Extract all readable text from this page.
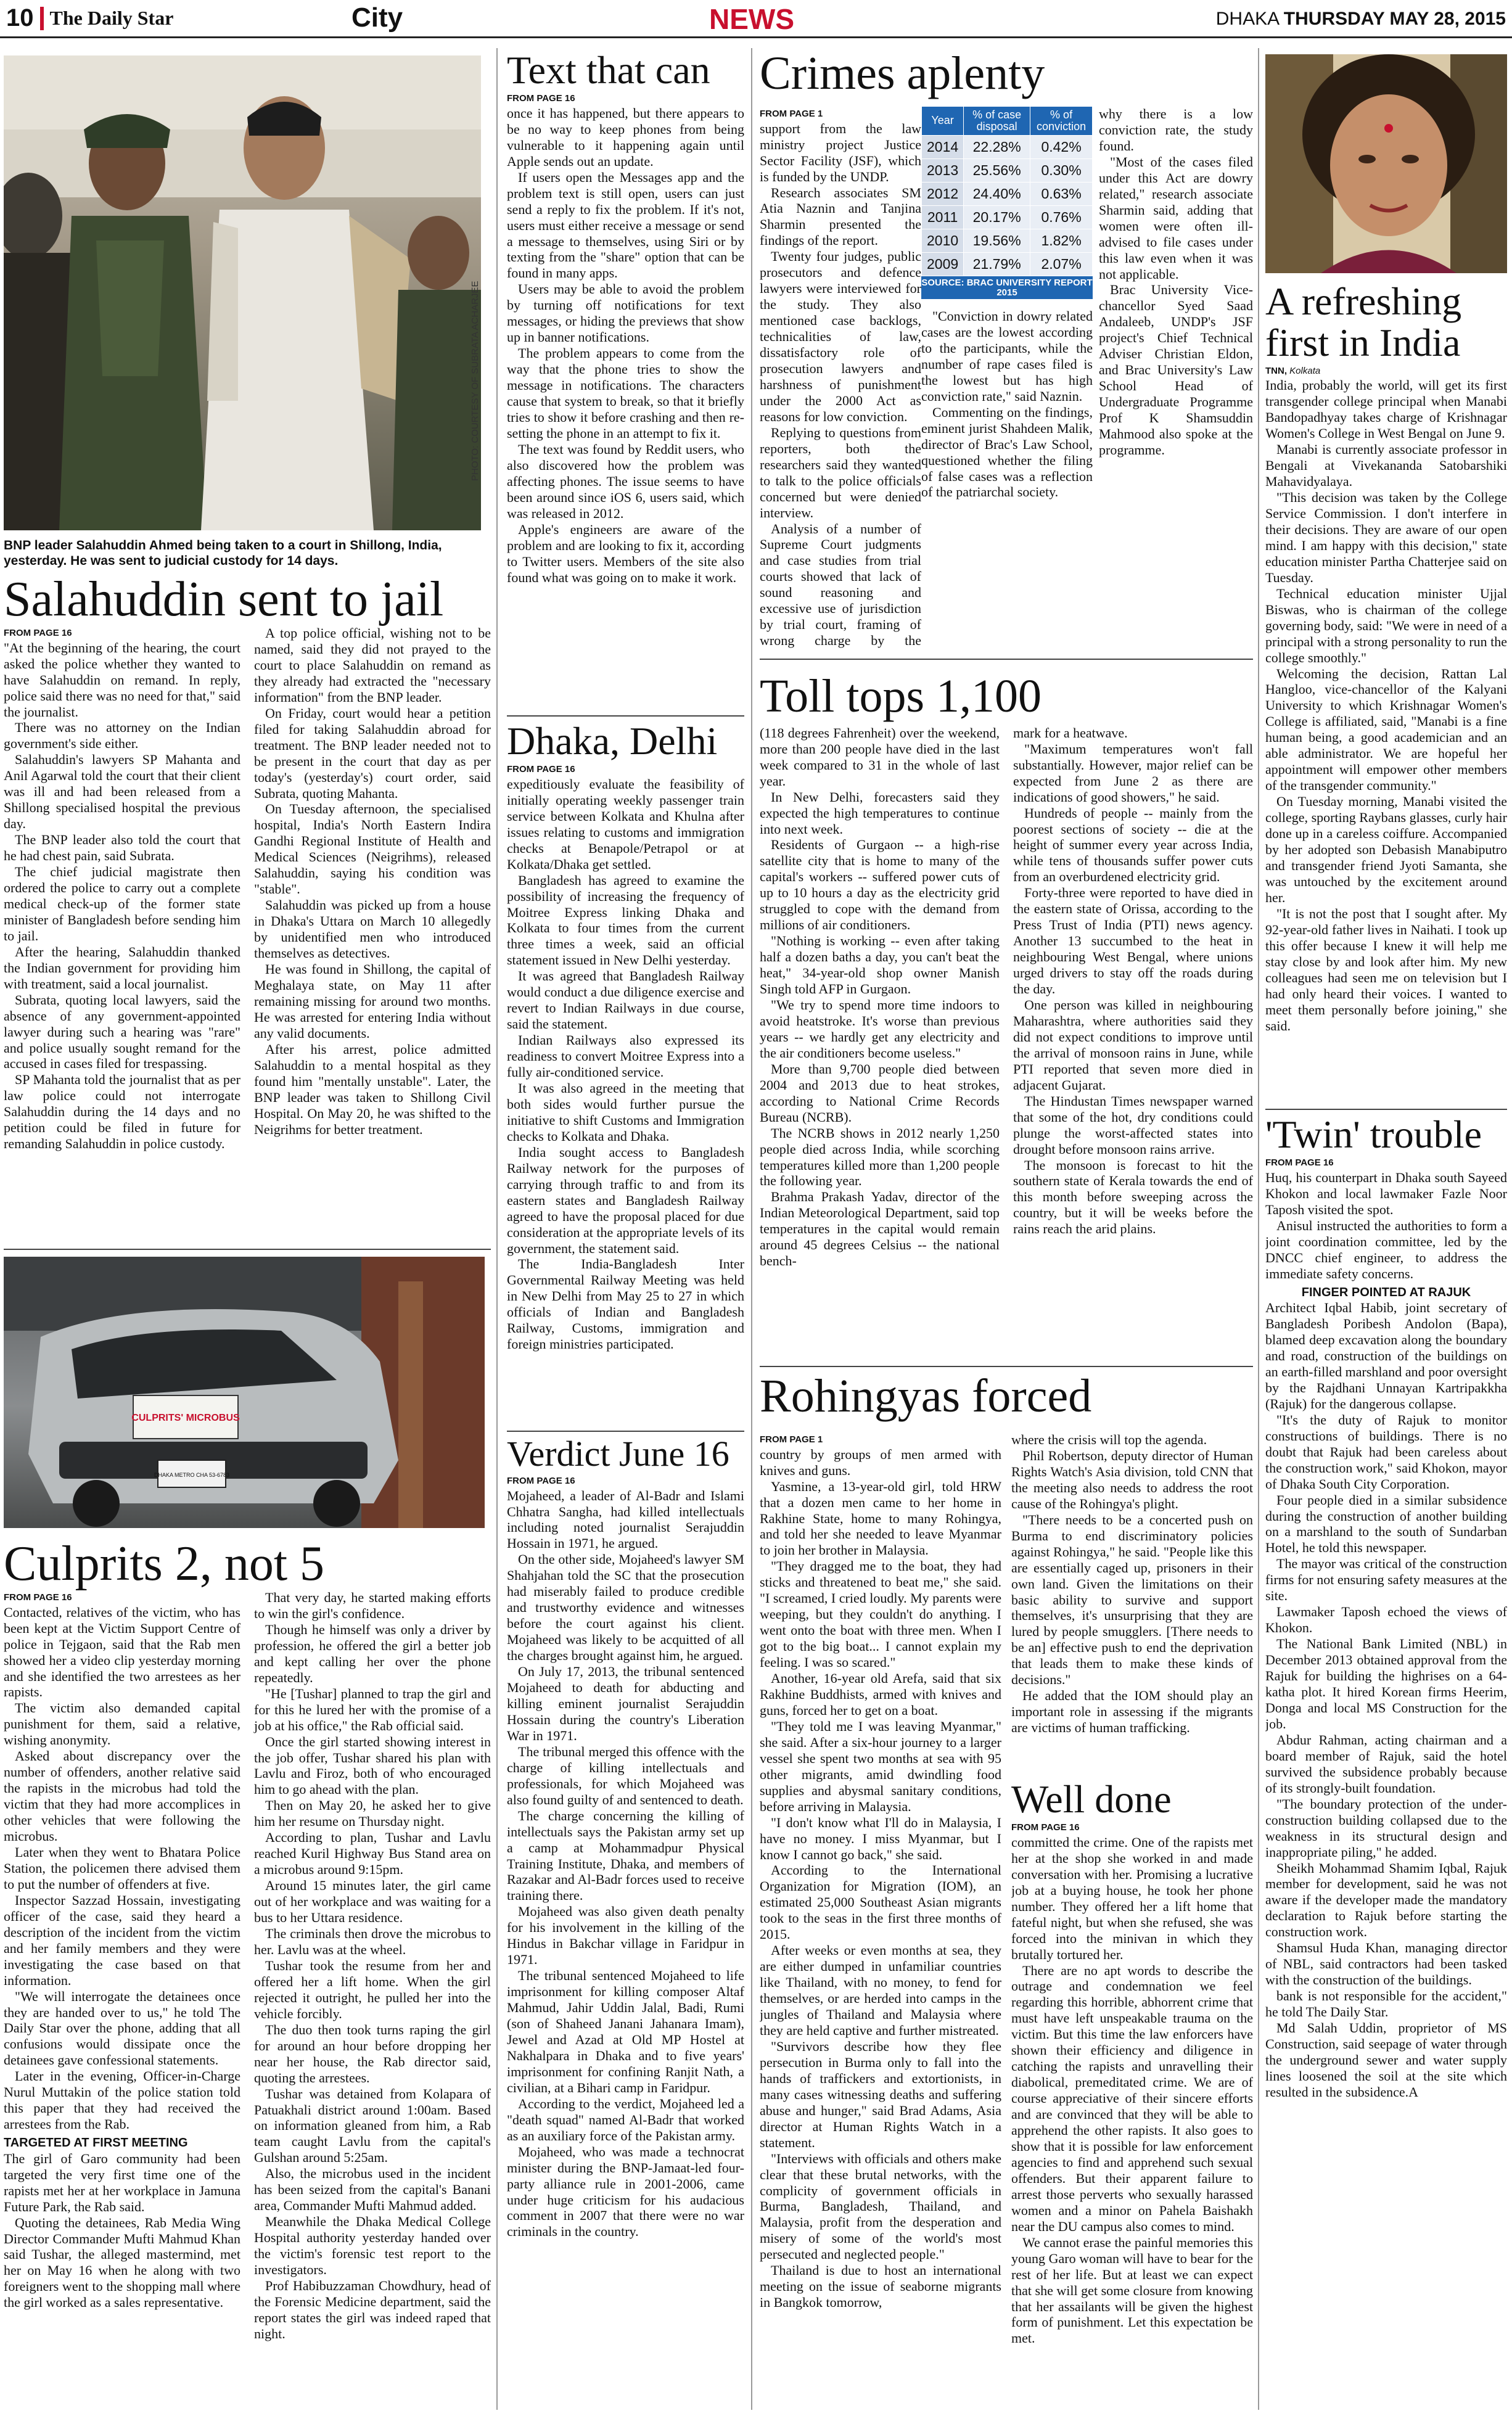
10 The Daily Star	City	NEWS	DHAKA THURSDAY MAY 28, 2015
PHOTO: COURTESY OF SUBRATA ACHARJEE
BNP leader Salahuddin Ahmed being taken to a court in Shillong, India, yesterday. He was sent to judicial custody for 14 days.
Salahuddin sent to jail
FROM PAGE 16

"At the beginning of the hearing, the court asked the police whether they wanted to have Salahuddin on remand. In reply, police said there was no need for that," said the journalist.

There was no attorney on the Indian government's side either.

Salahuddin's lawyers SP Mahanta and Anil Agarwal told the court that their client was ill and had been released from a Shillong specialised hospital the previous day.

The BNP leader also told the court that he had chest pain, said Subrata.

The chief judicial magistrate then ordered the police to carry out a complete medical check-up of the former state minister of Bangladesh before sending him to jail.

After the hearing, Salahuddin thanked the Indian government for providing him with treatment, said a local journalist.

Subrata, quoting local lawyers, said the absence of any government-appointed lawyer during such a hearing was "rare" and police usually sought remand for the accused in cases filed for trespassing.

SP Mahanta told the journalist that as per law police could not interrogate Salahuddin during the 14 days and no petition could be filed in future for remanding Salahuddin in police custody.

A top police official, wishing not to be named, said they did not prayed to the court to place Salahuddin on remand as they already had extracted the "necessary information" from the BNP leader.

On Friday, court would hear a petition filed for taking Salahuddin abroad for treatment. The BNP leader needed not to be present in the court that day as per today's (yesterday's) court order, said Subrata, quoting Mahanta.

On Tuesday afternoon, the specialised hospital, India's North Eastern Indira Gandhi Regional Institute of Health and Medical Sciences (Neigrihms), released Salahuddin, saying his condition was "stable".

Salahuddin was picked up from a house in Dhaka's Uttara on March 10 allegedly by unidentified men who introduced themselves as detectives.

He was found in Shillong, the capital of Meghalaya state, on May 11 after remaining missing for around two months. He was arrested for entering India without any valid documents.

After his arrest, police admitted Salahuddin to a mental hospital as they found him "mentally unstable". Later, the BNP leader was taken to Shillong Civil Hospital. On May 20, he was shifted to the Neigrihms for better treatment.

CULPRITS' MICROBUS
DHAKA METRO CHA 53-6783
Culprits 2, not 5
FROM PAGE 16

Contacted, relatives of the victim, who has been kept at the Victim Support Centre of police in Tejgaon, said that the Rab men showed her a video clip yesterday morning and she identified the two arrestees as her rapists.

The victim also demanded capital punishment for them, said a relative, wishing anonymity.

Asked about discrepancy over the number of offenders, another relative said the rapists in the microbus had told the victim that they had more accomplices in other vehicles that were following the microbus.

Later when they went to Bhatara Police Station, the policemen there advised them to put the number of offenders at five.

Inspector Sazzad Hossain, investigating officer of the case, said they heard a description of the incident from the victim and her family members and they were investigating the case based on that information.

"We will interrogate the detainees once they are handed over to us," he told The Daily Star over the phone, adding that all confusions would dissipate once the detainees gave confessional statements.

Later in the evening, Officer-in-Charge Nurul Muttakin of the police station told this paper that they had received the arrestees from the Rab.

TARGETED AT FIRST MEETING

The girl of Garo community had been targeted the very first time one of the rapists met her at her workplace in Jamuna Future Park, the Rab said.

Quoting the detainees, Rab Media Wing Director Commander Mufti Mahmud Khan said Tushar, the alleged mastermind, met her on May 16 when he along with two foreigners went to the shopping mall where the girl worked as a sales representative.

That very day, he started making efforts to win the girl's confidence.

Though he himself was only a driver by profession, he offered the girl a better job and kept calling her over the phone repeatedly.

"He [Tushar] planned to trap the girl and for this he lured her with the promise of a job at his office," the Rab official said.

Once the girl started showing interest in the job offer, Tushar shared his plan with Lavlu and Firoz, both of who encouraged him to go ahead with the plan.

Then on May 20, he asked her to give him her resume on Thursday night.

According to plan, Tushar and Lavlu reached Kuril Highway Bus Stand area on a microbus around 9:15pm.

Around 15 minutes later, the girl came out of her workplace and was waiting for a bus to her Uttara residence.

The criminals then drove the microbus to her. Lavlu was at the wheel.

Tushar took the resume from her and offered her a lift home. When the girl rejected it outright, he pulled her into the vehicle forcibly.

The duo then took turns raping the girl for around an hour before dropping her near her house, the Rab director said, quoting the arrestees.

Tushar was detained from Kolapara of Patuakhali district around 1:00am. Based on information gleaned from him, a Rab team caught Lavlu from the capital's Gulshan around 5:25am.

Also, the microbus used in the incident has been seized from the capital's Banani area, Commander Mufti Mahmud added.

Meanwhile the Dhaka Medical College Hospital authority yesterday handed over the victim's forensic test report to the investigators.

Prof Habibuzzaman Chowdhury, head of the Forensic Medicine department, said the report states the girl was indeed raped that night.

Text that can
FROM PAGE 16

once it has happened, but there appears to be no way to keep phones from being vulnerable to it happening again until Apple sends out an update.

If users open the Messages app and the problem text is still open, users can just send a reply to fix the problem. If it's not, users must either receive a message or send a message to themselves, using Siri or by texting from the "share" option that can be found in many apps.

Users may be able to avoid the problem by turning off notifications for text messages, or hiding the previews that show up in banner notifications.

The problem appears to come from the way that the phone tries to show the message in notifications. The characters cause that system to break, so that it briefly tries to show it before crashing and then re-setting the phone in an attempt to fix it.

The text was found by Reddit users, who also discovered how the problem was affecting phones. The issue seems to have been around since iOS 6, users said, which was released in 2012.

Apple's engineers are aware of the problem and are looking to fix it, according to Twitter users. Members of the site also found what was going on to make it work.

Dhaka, Delhi
FROM PAGE 16

expeditiously evaluate the feasibility of initially operating weekly passenger train service between Kolkata and Khulna after issues relating to customs and immigration checks at Benapole/Petrapol or at Kolkata/Dhaka get settled.

Bangladesh has agreed to examine the possibility of increasing the frequency of Moitree Express linking Dhaka and Kolkata to four times from the current three times a week, said an official statement issued in New Delhi yesterday.

It was agreed that Bangladesh Railway would conduct a due diligence exercise and revert to Indian Railways in due course, said the statement.

Indian Railways also expressed its readiness to convert Moitree Express into a fully air-conditioned service.

It was also agreed in the meeting that both sides would further pursue the initiative to shift Customs and Immigration checks to Kolkata and Dhaka.

India sought access to Bangladesh Railway network for the purposes of carrying through traffic to and from its eastern states and Bangladesh Railway agreed to have the proposal placed for due consideration at the appropriate levels of its government, the statement said.

The India-Bangladesh Inter Governmental Railway Meeting was held in New Delhi from May 25 to 27 in which officials of Indian and Bangladesh Railway, Customs, immigration and foreign ministries participated.

Verdict June 16
FROM PAGE 16

Mojaheed, a leader of Al-Badr and Islami Chhatra Sangha, had killed intellectuals including noted journalist Serajuddin Hossain in 1971, he argued.

On the other side, Mojaheed's lawyer SM Shahjahan told the SC that the prosecution had miserably failed to produce credible and trustworthy evidence and witnesses before the court against his client. Mojaheed was likely to be acquitted of all the charges brought against him, he argued.

On July 17, 2013, the tribunal sentenced Mojaheed to death for abducting and killing eminent journalist Serajuddin Hossain during the country's Liberation War in 1971.

The tribunal merged this offence with the charge of killing intellectuals and professionals, for which Mojaheed was also found guilty of and sentenced to death.

The charge concerning the killing of intellectuals says the Pakistan army set up a camp at Mohammadpur Physical Training Institute, Dhaka, and members of Razakar and Al-Badr forces used to receive training there.

Mojaheed was also given death penalty for his involvement in the killing of the Hindus in Bakchar village in Faridpur in 1971.

The tribunal sentenced Mojaheed to life imprisonment for killing composer Altaf Mahmud, Jahir Uddin Jalal, Badi, Rumi (son of Shaheed Janani Jahanara Imam), Jewel and Azad at Old MP Hostel at Nakhalpara in Dhaka and to five years' imprisonment for confining Ranjit Nath, a civilian, at a Bihari camp in Faridpur.

According to the verdict, Mojaheed led a "death squad" named Al-Badr that worked as an auxiliary force of the Pakistan army.

Mojaheed, who was made a technocrat minister during the BNP-Jamaat-led four-party alliance rule in 2001-2006, came under huge criticism for his audacious comment in 2007 that there were no war criminals in the country.

Crimes aplenty
FROM PAGE 1

support from the law ministry project Justice Sector Facility (JSF), which is funded by the UNDP.

Research associates SM Atia Naznin and Tanjina Sharmin presented the findings of the report.

Twenty four judges, public prosecutors and defence lawyers were interviewed for the study. They also mentioned case backlogs, technicalities of law, dissatisfactory role of prosecution lawyers and harshness of punishment under the 2000 Act as reasons for low conviction.

Replying to questions from reporters, both the researchers said they wanted to talk to the police officials concerned but were denied interview.

Analysis of a number of Supreme Court judgments and case studies from trial courts showed that lack of sound reasoning and excessive use of jurisdiction by trial court, framing of wrong charge by the

Year	% of case disposal	% of conviction
2014	22.28%	0.42%
2013	25.56%	0.30%
2012	24.40%	0.63%
2011	20.17%	0.76%
2010	19.56%	1.82%
2009	21.79%	2.07%
SOURCE: BRAC UNIVERSITY REPORT 2015

"Conviction in dowry related cases are the lowest according to the participants, while the number of rape cases filed is the lowest but has high conviction rate," said Naznin.

Commenting on the findings, eminent jurist Shahdeen Malik, director of Brac's Law School, questioned whether the filing of false cases was a reflection of the patriarchal society.

why there is a low conviction rate, the study found.

"Most of the cases filed under this Act are dowry related," research associate Sharmin said, adding that women were often ill-advised to file cases under this law even when it was not applicable.

Brac University Vice-chancellor Syed Saad Andaleeb, UNDP's JSF project's Chief Technical Adviser Christian Eldon, and Brac University's Law School Head of Undergraduate Programme Prof K Shamsuddin Mahmood also spoke at the programme.

Toll tops 1,100

(118 degrees Fahrenheit) over the weekend, more than 200 people have died in the last week compared to 31 in the whole of last year.

In New Delhi, forecasters said they expected the high temperatures to continue into next week.

Residents of Gurgaon -- a high-rise satellite city that is home to many of the capital's workers -- suffered power cuts of up to 10 hours a day as the electricity grid struggled to cope with the demand from millions of air conditioners.

"Nothing is working -- even after taking half a dozen baths a day, you can't beat the heat," 34-year-old shop owner Manish Singh told AFP in Gurgaon.

"We try to spend more time indoors to avoid heatstroke. It's worse than previous years -- we hardly get any electricity and the air conditioners become useless."

More than 9,700 people died between 2004 and 2013 due to heat strokes, according to National Crime Records Bureau (NCRB).

The NCRB shows in 2012 nearly 1,250 people died across India, while scorching temperatures killed more than 1,200 people the following year.

Brahma Prakash Yadav, director of the Indian Meteorological Department, said top temperatures in the capital would remain around 45 degrees Celsius -- the national bench-

mark for a heatwave.

"Maximum temperatures won't fall substantially. However, major relief can be expected from June 2 as there are indications of good showers," he said.

Hundreds of people -- mainly from the poorest sections of society -- die at the height of summer every year across India, while tens of thousands suffer power cuts from an overburdened electricity grid.

Forty-three were reported to have died in the eastern state of Orissa, according to the Press Trust of India (PTI) news agency. Another 13 succumbed to the heat in neighbouring West Bengal, where unions urged drivers to stay off the roads during the day.

One person was killed in neighbouring Maharashtra, where authorities said they did not expect conditions to improve until the arrival of monsoon rains in June, while PTI reported that seven more died in adjacent Gujarat.

The Hindustan Times newspaper warned that some of the hot, dry conditions could plunge the worst-affected states into drought before monsoon rains arrive.

The monsoon is forecast to hit the southern state of Kerala towards the end of this month before sweeping across the country, but it will be weeks before the rains reach the arid plains.

Rohingyas forced
FROM PAGE 1

country by groups of men armed with knives and guns.

Yasmine, a 13-year-old girl, told HRW that a dozen men came to her home in Rakhine State, home to many Rohingya, and told her she needed to leave Myanmar to join her brother in Malaysia.

"They dragged me to the boat, they had sticks and threatened to beat me," she said. "I screamed, I cried loudly. My parents were weeping, but they couldn't do anything. I went onto the boat with three men. When I got to the big boat... I cannot explain my feeling. I was so scared."

Another, 16-year old Arefa, said that six Rakhine Buddhists, armed with knives and guns, forced her to get on a boat.

"They told me I was leaving Myanmar," she said. After a six-hour journey to a larger vessel she spent two months at sea with 95 other migrants, amid dwindling food supplies and abysmal sanitary conditions, before arriving in Malaysia.

"I don't know what I'll do in Malaysia, I have no money. I miss Myanmar, but I know I cannot go back," she said.

According to the International Organization for Migration (IOM), an estimated 25,000 Southeast Asian migrants took to the seas in the first three months of 2015.

After weeks or even months at sea, they are either dumped in unfamiliar countries like Thailand, with no money, to fend for themselves, or are herded into camps in the jungles of Thailand and Malaysia where they are held captive and further mistreated.

"Survivors describe how they flee persecution in Burma only to fall into the hands of traffickers and extortionists, in many cases witnessing deaths and suffering abuse and hunger," said Brad Adams, Asia director at Human Rights Watch in a statement.

"Interviews with officials and others make clear that these brutal networks, with the complicity of government officials in Burma, Bangladesh, Thailand, and Malaysia, profit from the desperation and misery of some of the world's most persecuted and neglected people."

Thailand is due to host an international meeting on the issue of seaborne migrants in Bangkok tomorrow,

where the crisis will top the agenda.

Phil Robertson, deputy director of Human Rights Watch's Asia division, told CNN that the meeting also needs to address the root cause of the Rohingya's plight.

"There needs to be a concerted push on Burma to end discriminatory policies against Rohingya," he said. "People like this are essentially caged up, prisoners in their own land. Given the limitations on their basic ability to survive and support themselves, it's unsurprising that they are lured by people smugglers. [There needs to be an] effective push to end the deprivation that leads them to make these kinds of decisions."

He added that the IOM should play an important role in assessing if the migrants are victims of human trafficking.

Well done
FROM PAGE 16

committed the crime. One of the rapists met her at the shop she worked in and made conversation with her. Promising a lucrative job at a buying house, he took her phone number. They offered her a lift home that fateful night, but when she refused, she was forced into the minivan in which they brutally tortured her.

There are no apt words to describe the outrage and condemnation we feel regarding this horrible, abhorrent crime that must have left unspeakable trauma on the victim. But this time the law enforcers have shown their efficiency and diligence in catching the rapists and unravelling their diabolical, premeditated crime. We are of course appreciative of their sincere efforts and are convinced that they will be able to apprehend the other rapists. It also goes to show that it is possible for law enforcement agencies to find and apprehend such sexual offenders. But their apparent failure to arrest those perverts who sexually harassed women and a minor on Pahela Baishakh near the DU campus also comes to mind.

We cannot erase the painful memories this young Garo woman will have to bear for the rest of her life. But at least we can expect that she will get some closure from knowing that her assailants will be given the highest form of punishment. Let this expectation be met.

A refreshing first in India
TNN, Kolkata

India, probably the world, will get its first transgender college principal when Manabi Bandopadhyay takes charge of Krishnagar Women's College in West Bengal on June 9.

Manabi is currently associate professor in Bengali at Vivekananda Satobarshiki Mahavidyalaya.

"This decision was taken by the College Service Commission. I don't interfere in their decisions. They are aware of our open mind. I am happy with this decision," state education minister Partha Chatterjee said on Tuesday.

Technical education minister Ujjal Biswas, who is chairman of the college governing body, said: "We were in need of a principal with a strong personality to run the college smoothly."

Welcoming the decision, Rattan Lal Hangloo, vice-chancellor of the Kalyani University to which Krishnagar Women's College is affiliated, said, "Manabi is a fine human being, a good academician and an able administrator. We are hopeful her appointment will empower other members of the transgender community."

On Tuesday morning, Manabi visited the college, sporting Raybans glasses, curly hair done up in a careless coiffure. Accompanied by her adopted son Debasish Manabiputro and transgender friend Jyoti Samanta, she was untouched by the excitement around her.

"It is not the post that I sought after. My 92-year-old father lives in Naihati. I took up this offer because I knew it will help me stay close by and look after him. My new colleagues had seen me on television but I had only heard their voices. I wanted to meet them personally before joining," she said.

'Twin' trouble
FROM PAGE 16

Huq, his counterpart in Dhaka south Sayeed Khokon and local lawmaker Fazle Noor Taposh visited the spot.

Anisul instructed the authorities to form a joint coordination committee, led by the DNCC chief engineer, to address the immediate safety concerns.

FINGER POINTED AT RAJUK

Architect Iqbal Habib, joint secretary of Bangladesh Poribesh Andolon (Bapa), blamed deep excavation along the boundary and road, construction of the buildings on an earth-filled marshland and poor oversight by the Rajdhani Unnayan Kartripakkha (Rajuk) for the dangerous collapse.

"It's the duty of Rajuk to monitor constructions of buildings. There is no doubt that Rajuk had been careless about the construction work," said Khokon, mayor of Dhaka South City Corporation.

Four people died in a similar subsidence during the construction of another building on a marshland to the south of Sundarban Hotel, he told this newspaper.

The mayor was critical of the construction firms for not ensuring safety measures at the site.

Lawmaker Taposh echoed the views of Khokon.

The National Bank Limited (NBL) in December 2013 obtained approval from the Rajuk for building the highrises on a 64-katha plot. It hired Korean firms Heerim, Donga and local MS Construction for the job.

Abdur Rahman, acting chairman and a board member of Rajuk, said the hotel survived the subsidence probably because of its strongly-built foundation.

"The boundary protection of the under-construction building collapsed due to the weakness in its structural design and inappropriate piling," he added.

Sheikh Mohammad Shamim Iqbal, Rajuk member for development, said he was not aware if the developer made the mandatory declaration to Rajuk before starting the construction work.

Shamsul Huda Khan, managing director of NBL, said contractors had been tasked with the construction of the buildings.

bank is not responsible for the accident," he told The Daily Star.

Md Salah Uddin, proprietor of MS Construction, said seepage of water through the underground sewer and water supply lines loosened the soil at the site which resulted in the subsidence.A
